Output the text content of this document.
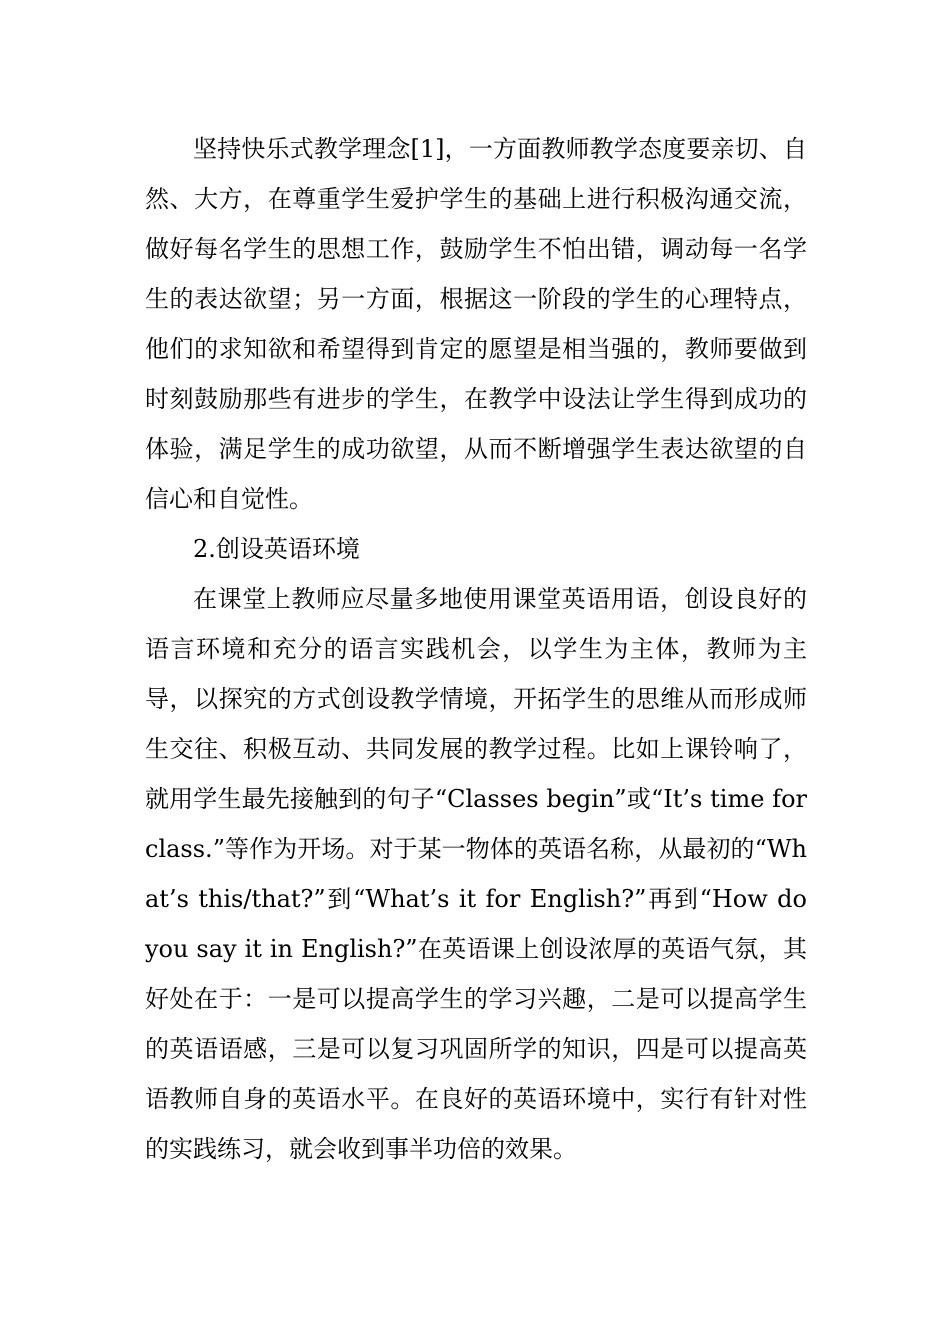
坚持快乐式教学理念[1]，一方面教师教学态度要亲切、自然、大方，在尊重学生爱护学生的基础上进行积极沟通交流，做好每名学生的思想工作，鼓励学生不怕出错，调动每一名学生的表达欲望；另一方面，根据这一阶段的学生的心理特点，他们的求知欲和希望得到肯定的愿望是相当强的，教师要做到时刻鼓励那些有进步的学生，在教学中设法让学生得到成功的体验，满足学生的成功欲望，从而不断增强学生表达欲望的自信心和自觉性。

2.创设英语环境

在课堂上教师应尽量多地使用课堂英语用语，创设良好的语言环境和充分的语言实践机会，以学生为主体，教师为主导，以探究的方式创设教学情境，开拓学生的思维从而形成师生交往、积极互动、共同发展的教学过程。比如上课铃响了，就用学生最先接触到的句子“Classes begin”或“It’s time for class.”等作为开场。对于某一物体的英语名称，从最初的“What’s this/that?”到“What’s it for English?”再到“How do you say it in English?”在英语课上创设浓厚的英语气氛，其好处在于：一是可以提高学生的学习兴趣，二是可以提高学生的英语语感，三是可以复习巩固所学的知识，四是可以提高英语教师自身的英语水平。在良好的英语环境中，实行有针对性的实践练习，就会收到事半功倍的效果。
